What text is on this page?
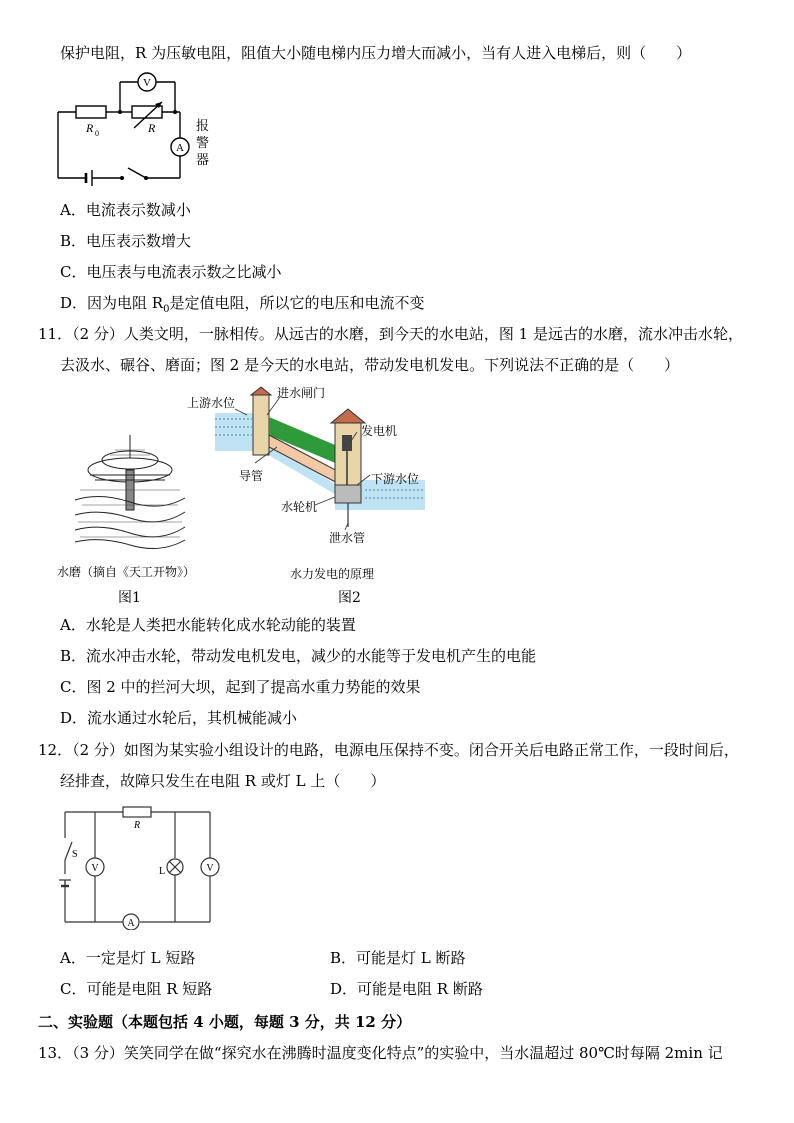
保护电阻，R 为压敏电阻，阻值大小随电梯内压力增大而减小，当有人进入电梯后，则（　　）
V
A
R 0	R	报
警
器
A．电流表示数减小
B．电压表示数增大
C．电压表与电流表示数之比减小
D．因为电阻 $R_0$是定值电阻，所以它的电压和电流不变
11．（2 分）人类文明，一脉相传。从远古的水磨，到今天的水电站，图 1 是远古的水磨，流水冲击水轮，
去汲水、碾谷、磨面；图 2 是今天的水电站，带动发电机发电。下列说法不正确的是（　　）
水磨（摘自《天工开物》）
图1
上游水位
进水闸门
发电机
导管	下游水位
水轮机
泄水管
水力发电的原理
图2
A．水轮是人类把水能转化成水轮动能的装置
B．流水冲击水轮，带动发电机发电，减少的水能等于发电机产生的电能
C．图 2 中的拦河大坝，起到了提高水重力势能的效果
D．流水通过水轮后，其机械能减小
12．（2 分）如图为某实验小组设计的电路，电源电压保持不变。闭合开关后电路正常工作，一段时间后，
经排查，故障只发生在电阻 R 或灯 L 上（　　）
R
S
L
V	V
A
A．一定是灯 L 短路	B．可能是灯 L 断路
C．可能是电阻 R 短路	D．可能是电阻 R 断路
二、实验题（本题包括 4 小题，每题 3 分，共 12 分）
13．（3 分）笑笑同学在做“探究水在沸腾时温度变化特点”的实验中，当水温超过 80℃时每隔 2min 记
